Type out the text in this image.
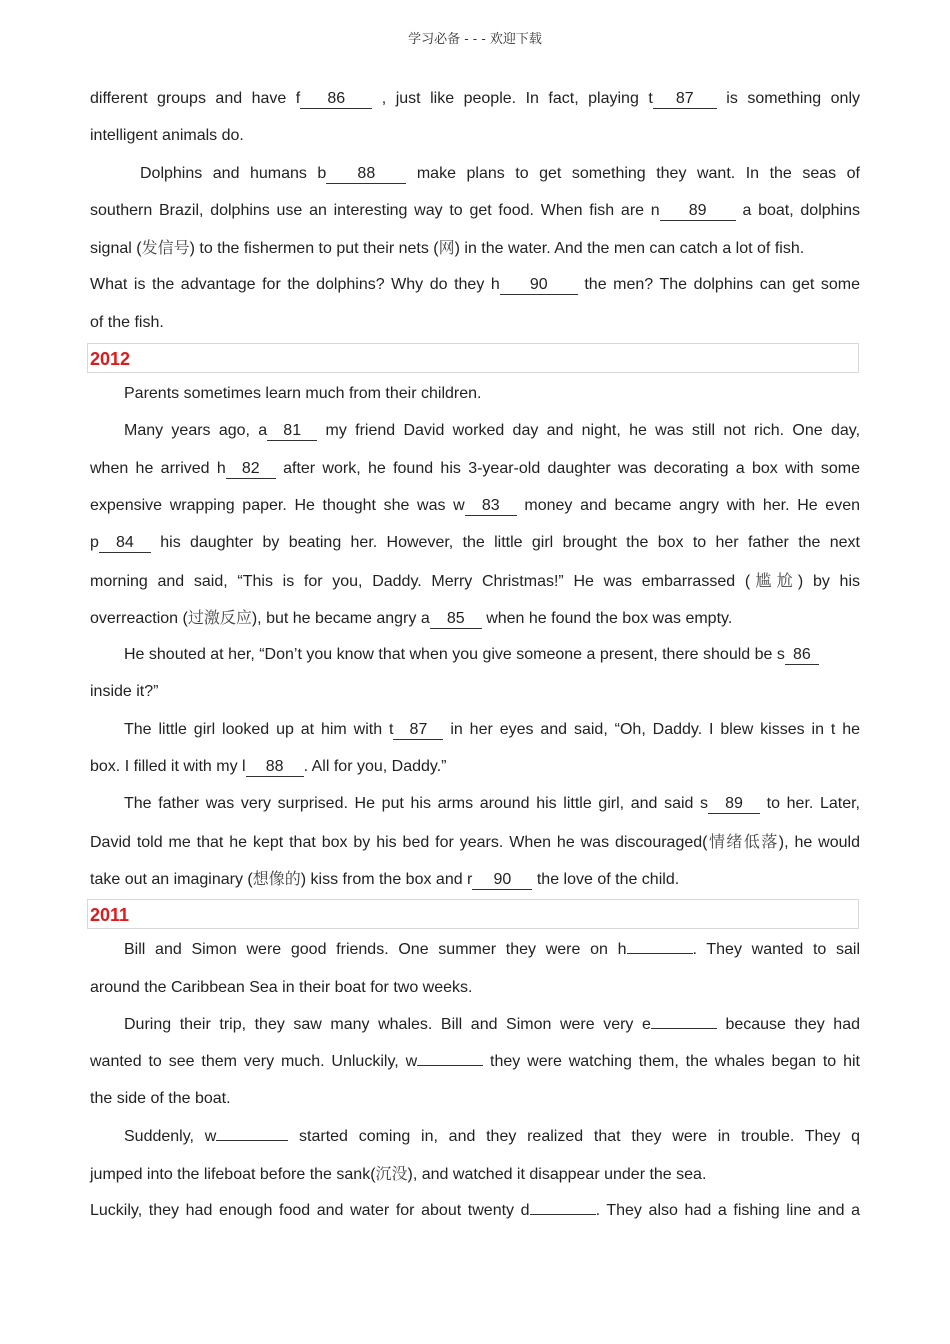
学习必备 - - - 欢迎下载
different groups and have f 86 , just like people. In fact, playing t 87 is something only
intelligent animals do.
Dolphins and humans b 88	make plans to get something they want. In the seas of
southern Brazil, dolphins use an interesting way to get food. When fish are n 89 a boat, dolphins
signal (发信号) to the fishermen to put their nets (网) in the water. And the men can catch a lot of fish.
What is the advantage for the dolphins? Why do they h 90 the men? The dolphins can get some
of the fish.
2012
Parents sometimes learn much from their children.
Many years ago, a 81 my friend David worked day and night, he was still not rich. One day,
when he arrived h 82 after work, he found his 3-year-old daughter was decorating a box with some
expensive wrapping paper. He thought she was w 83 money and became angry with her. He even
p 84 his daughter by beating her. However, the little girl brought the box to her father the next
morning and said, “This is for you, Daddy. Merry Christmas!” He was embarrassed (尴尬) by his
overreaction (过激反应), but he became angry a 85 when he found the box was empty.
He shouted at her, “Don’t you know that when you give someone a present, there should be s 86
inside it?”
The little girl looked up at him with t 87 in her eyes and said, “Oh, Daddy. I blew kisses in t he
box. I filled it with my l 88 . All for you, Daddy.”
The father was very surprised. He put his arms around his little girl, and said s 89 to her. Later,
David told me that he kept that box by his bed for years. When he was discouraged(情绪低落), he would
take out an imaginary (想像的) kiss from the box and r 90 the love of the child.
2011
Bill and Simon were good friends. One summer they were on h	. They wanted to sail
around the Caribbean Sea in their boat for two weeks.
During their trip, they saw many whales. Bill and Simon were very e	because they had
wanted to see them very much. Unluckily, w	they were watching them, the whales began to hit
the side of the boat.
Suddenly, w	started coming in, and they realized that they were in trouble. They q
jumped into the lifeboat before the sank(沉没), and watched it disappear under the sea.
Luckily, they had enough food and water for about twenty d	. They also had a fishing line and a
